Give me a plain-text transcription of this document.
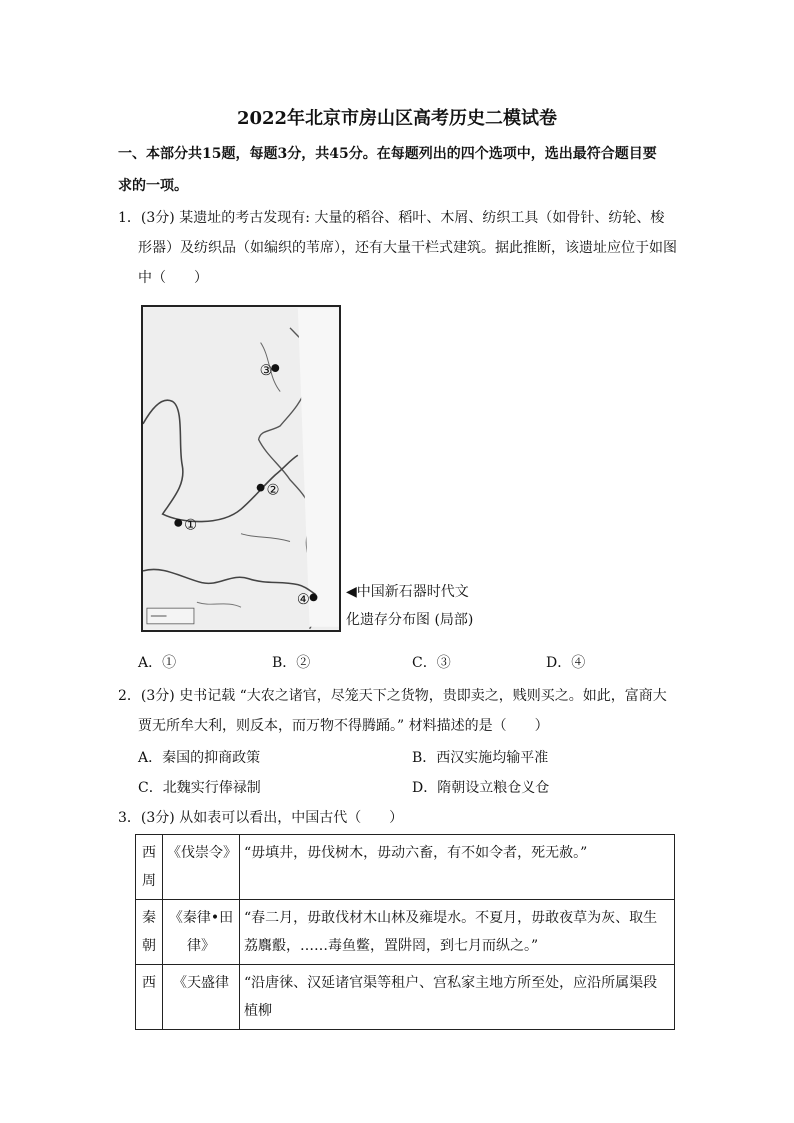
2022年北京市房山区高考历史二模试卷
一、本部分共15题，每题3分，共45分。在每题列出的四个选项中，选出最符合题目要
求的一项。
1．(3分) 某遗址的考古发现有: 大量的稻谷、稻叶、木屑、纺织工具（如骨针、纺轮、梭
形器）及纺织品（如编织的苇席），还有大量干栏式建筑。据此推断，该遗址应位于如图
中（　　）
③
②
①
④	◀中国新石器时代文
化遗存分布图 (局部)
A．①	B．②	C．③	D．④
2．(3分) 史书记载 “大农之诸官，尽笼天下之货物，贵即卖之，贱则买之。如此，富商大
贾无所牟大利，则反本，而万物不得腾踊。” 材料描述的是（　　）
A．秦国的抑商政策	B．西汉实施均输平准
C．北魏实行俸禄制	D．隋朝设立粮仓义仓
3．(3分) 从如表可以看出，中国古代（　　）
西周	《伐崇令》	“毋填井，毋伐树木，毋动六畜，有不如令者，死无赦。”
秦朝	《秦律•田律》	“春二月，毋敢伐材木山林及雍堤水。不夏月，毋敢夜草为灰、取生荔麛鷇，……毒鱼鳖，置阱罔，到七月而纵之。”
西	《天盛律	“沿唐徕、汉延诸官渠等租户、宫私家主地方所至处，应沿所属渠段植柳
